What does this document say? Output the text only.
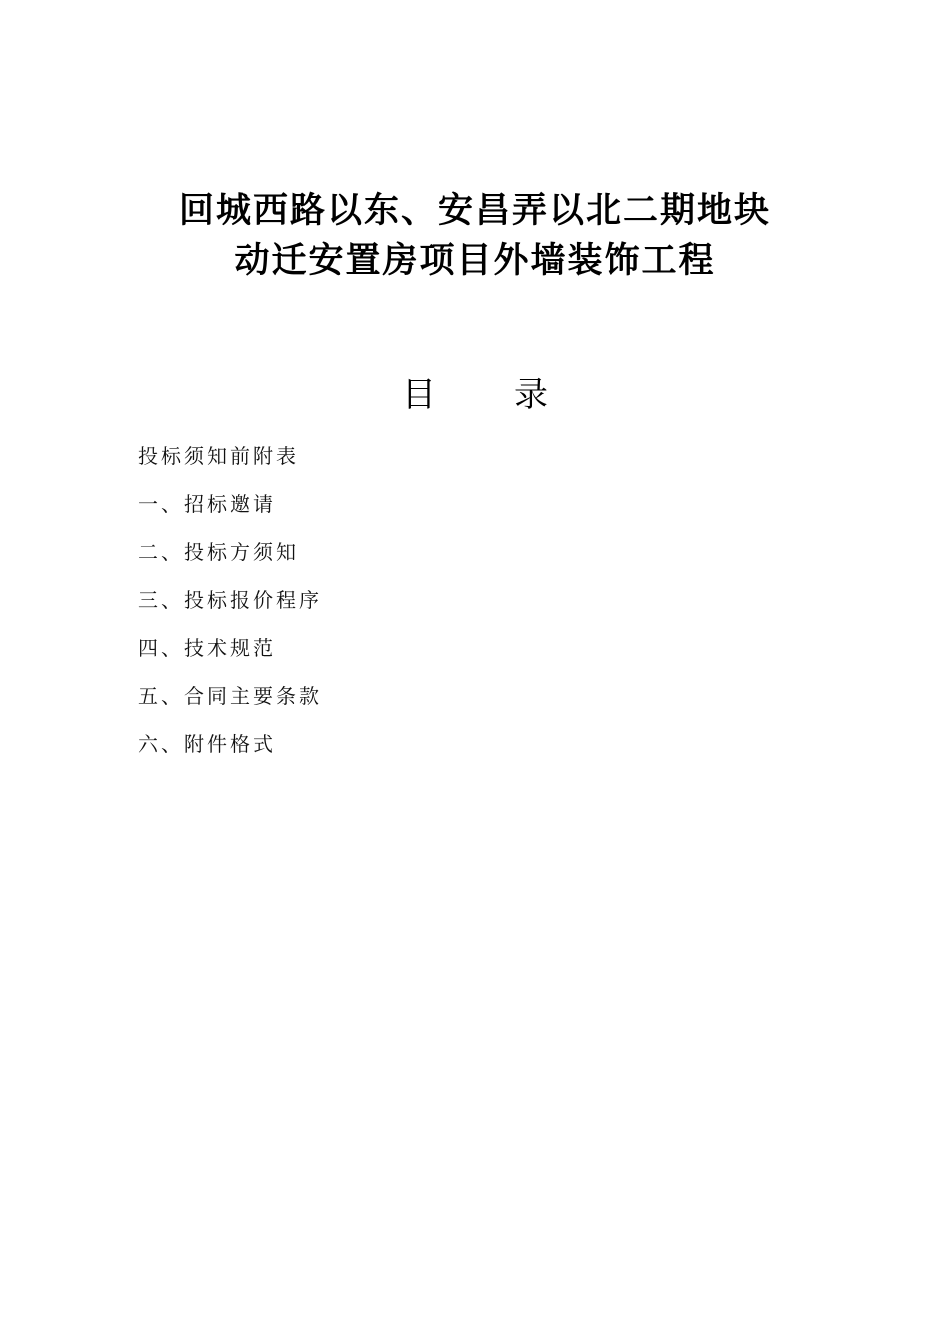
回城西路以东、安昌弄以北二期地块
动迁安置房项目外墙装饰工程
目 录
投标须知前附表
一、招标邀请
二、投标方须知
三、投标报价程序
四、技术规范
五、合同主要条款
六、附件格式
